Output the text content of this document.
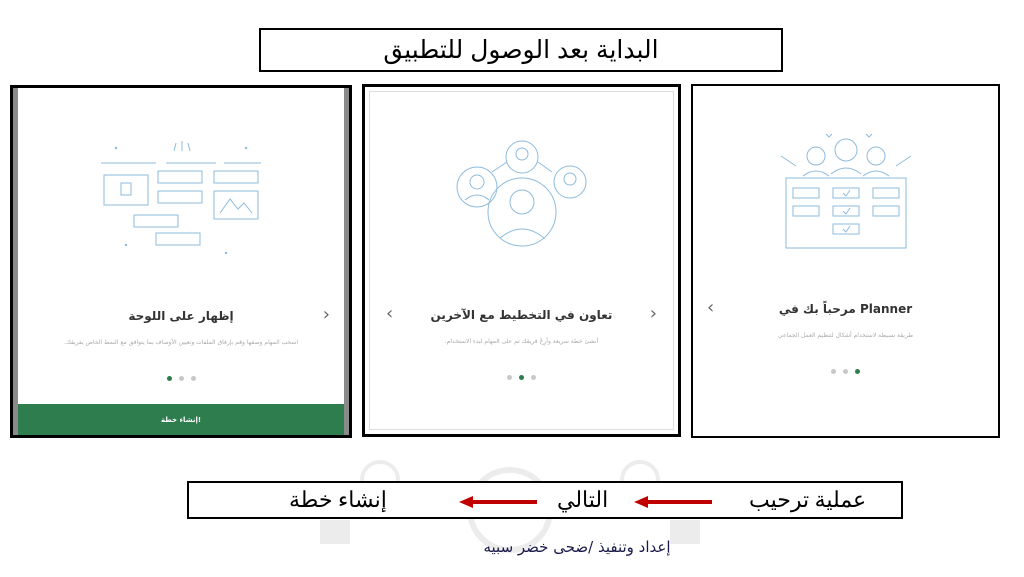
البداية بعد الوصول للتطبيق
›
إظهار على اللوحة
اسحب المهام وصفها وقم بإرفاق الملفات وتعيين الأوصاف بما يتوافق مع النمط الخاص بفريقك.
إنشاء خطة!
‹	›
تعاون في التخطيط مع الآخرين
أنشئ خطة سريعة وأرِحْ فريقك تم على المهام لبدء الاستخدام.
‹	مرحباً بك في Planner
طريقة بسيطة لاستخدام أشكال لتنظيم العمل الجماعي
إنشاء خطة	التالي	عملية ترحيب
إعداد وتنفيذ /ضحى خضر سبيه
